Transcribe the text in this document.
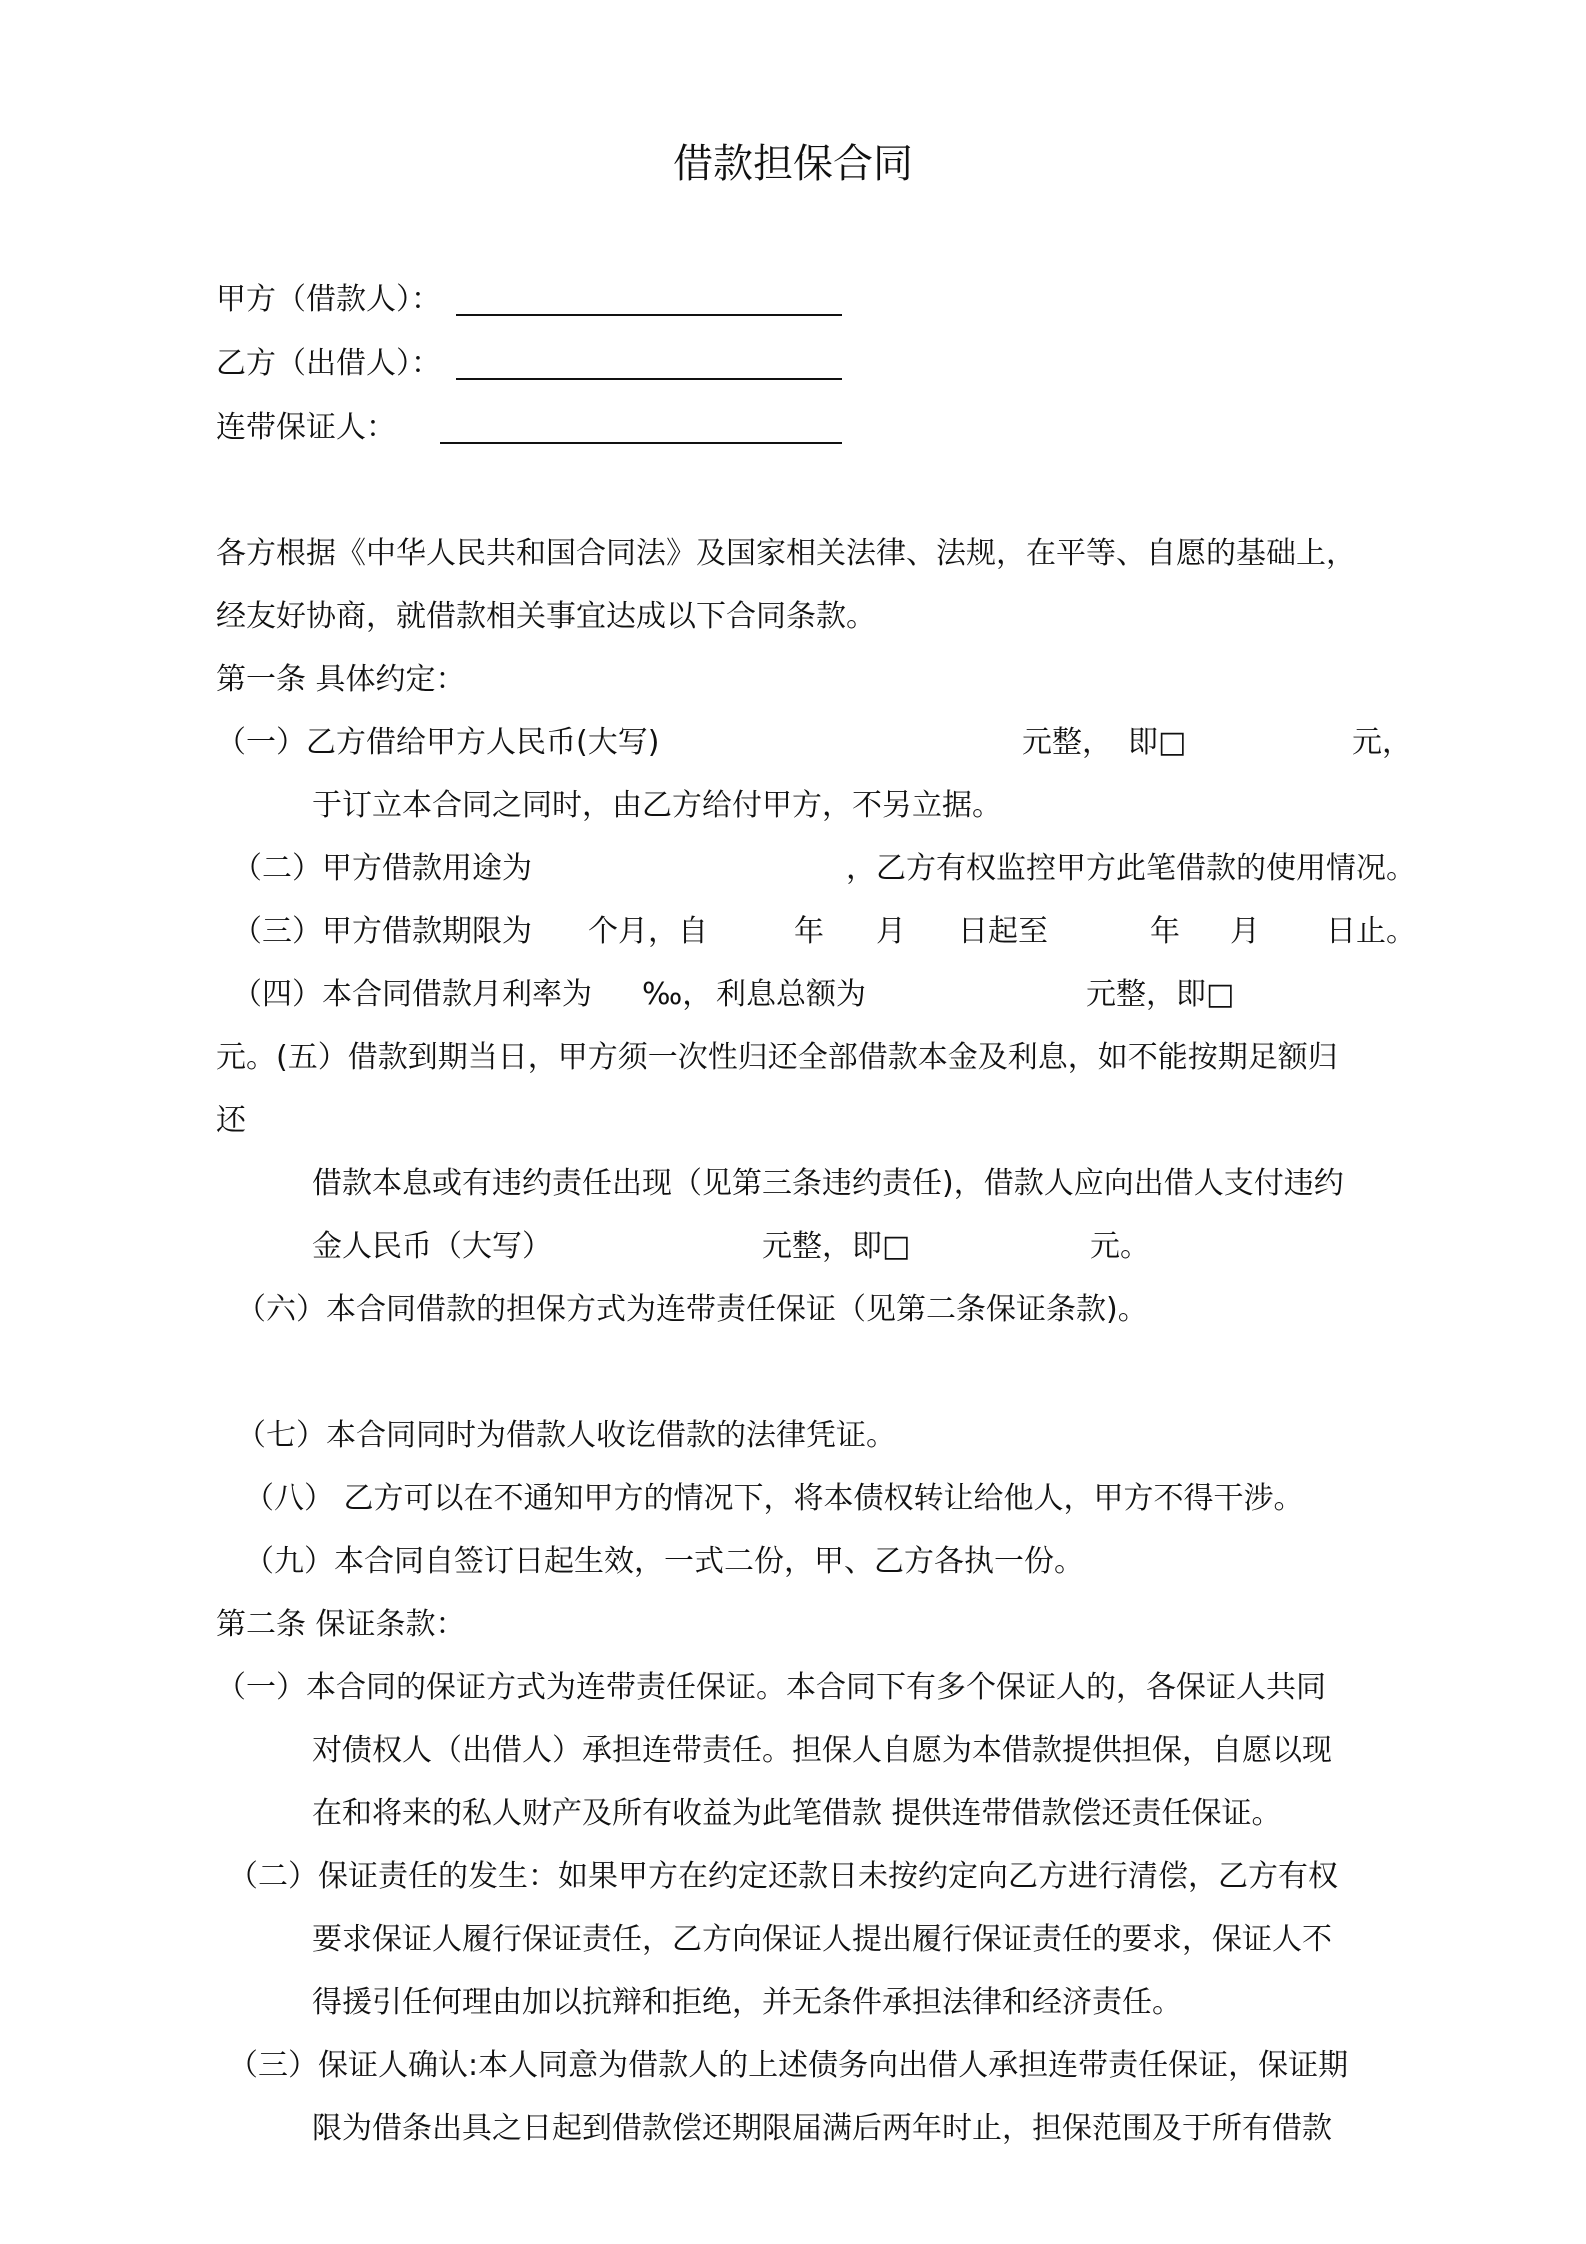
借款担保合同
甲方（借款人）：
乙方（出借人）：
连带保证人：
各方根据《中华人民共和国合同法》及国家相关法律、法规，在平等、自愿的基础上，
经友好协商，就借款相关事宜达成以下合同条款。
第一条 具体约定：
（一）乙方借给甲方人民币(大写)	元整， 即□	元，
于订立本合同之同时，由乙方给付甲方，不另立据。
（二）甲方借款用途为	，乙方有权监控甲方此笔借款的使用情况。
（三）甲方借款期限为 个月，自	年 月 日起至	年 月 日止。
（四）本合同借款月利率为 ‰， 利息总额为	元整，即□
元。(五）借款到期当日，甲方须一次性归还全部借款本金及利息，如不能按期足额归
还
借款本息或有违约责任出现（见第三条违约责任)，借款人应向出借人支付违约
金人民币（大写）	元整，即□	元。
（六）本合同借款的担保方式为连带责任保证（见第二条保证条款)。
（七）本合同同时为借款人收讫借款的法律凭证。
（八） 乙方可以在不通知甲方的情况下，将本债权转让给他人，甲方不得干涉。
（九）本合同自签订日起生效，一式二份，甲、乙方各执一份。
第二条 保证条款：
（一）本合同的保证方式为连带责任保证。本合同下有多个保证人的，各保证人共同
对债权人（出借人）承担连带责任。担保人自愿为本借款提供担保，自愿以现
在和将来的私人财产及所有收益为此笔借款 提供连带借款偿还责任保证。
（二）保证责任的发生：如果甲方在约定还款日未按约定向乙方进行清偿，乙方有权
要求保证人履行保证责任，乙方向保证人提出履行保证责任的要求，保证人不
得援引任何理由加以抗辩和拒绝，并无条件承担法律和经济责任。
（三）保证人确认:本人同意为借款人的上述债务向出借人承担连带责任保证，保证期
限为借条出具之日起到借款偿还期限届满后两年时止，担保范围及于所有借款
